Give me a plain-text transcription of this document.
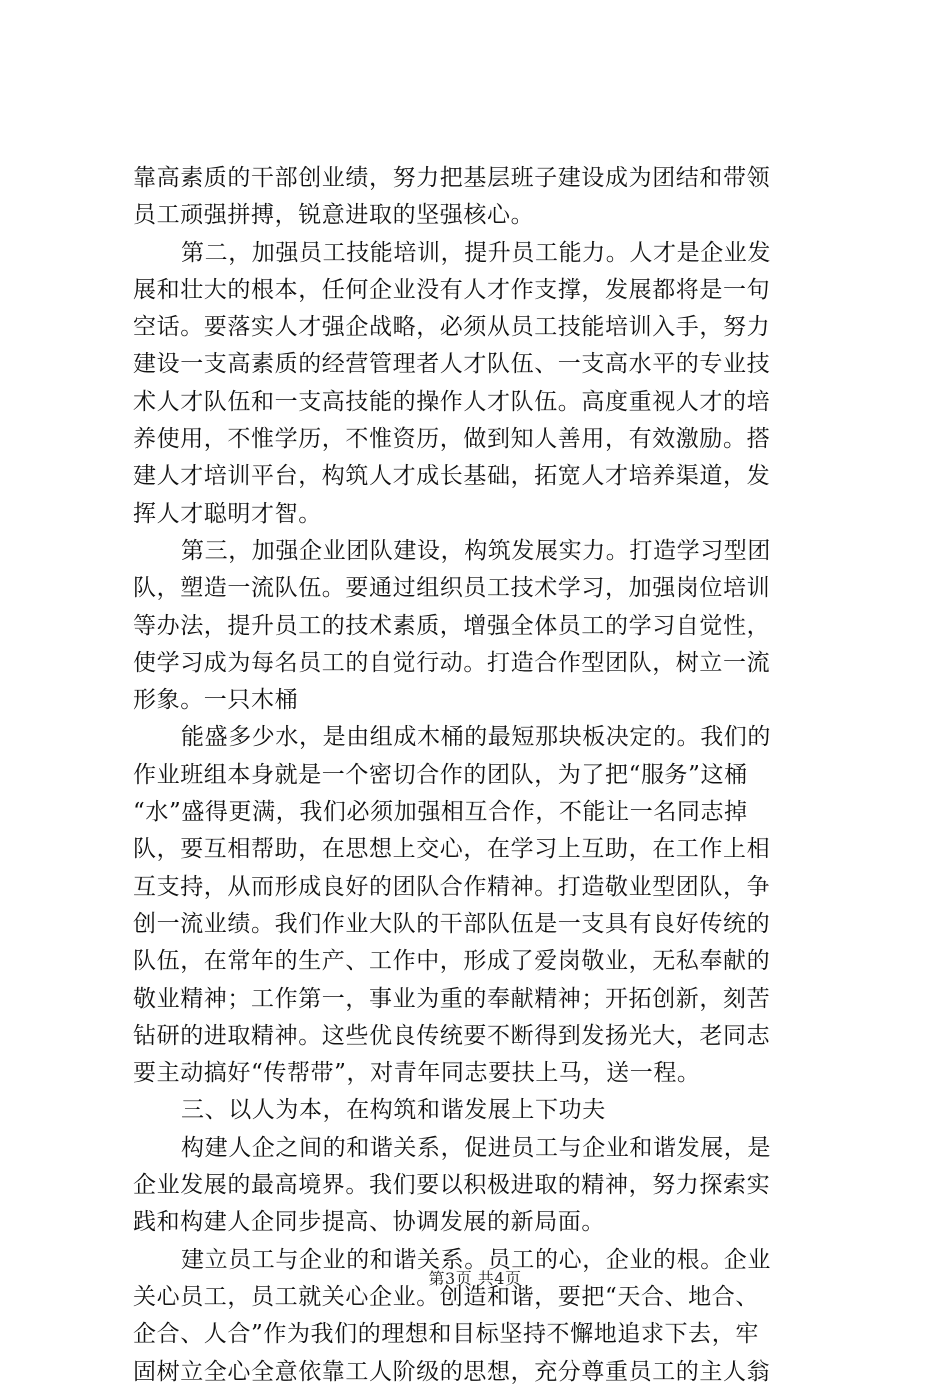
靠高素质的干部创业绩，努力把基层班子建设成为团结和带领
员工顽强拼搏，锐意进取的坚强核心。
第二，加强员工技能培训，提升员工能力。人才是企业发
展和壮大的根本，任何企业没有人才作支撑，发展都将是一句
空话。要落实人才强企战略，必须从员工技能培训入手，努力
建设一支高素质的经营管理者人才队伍、一支高水平的专业技
术人才队伍和一支高技能的操作人才队伍。高度重视人才的培
养使用，不惟学历，不惟资历，做到知人善用，有效激励。搭
建人才培训平台，构筑人才成长基础，拓宽人才培养渠道，发
挥人才聪明才智。
第三，加强企业团队建设，构筑发展实力。打造学习型团
队，塑造一流队伍。要通过组织员工技术学习，加强岗位培训
等办法，提升员工的技术素质，增强全体员工的学习自觉性，
使学习成为每名员工的自觉行动。打造合作型团队，树立一流
形象。一只木桶
能盛多少水，是由组成木桶的最短那块板决定的。我们的
作业班组本身就是一个密切合作的团队，为了把“服务”这桶
“水”盛得更满，我们必须加强相互合作，不能让一名同志掉
队，要互相帮助，在思想上交心，在学习上互助，在工作上相
互支持，从而形成良好的团队合作精神。打造敬业型团队，争
创一流业绩。我们作业大队的干部队伍是一支具有良好传统的
队伍，在常年的生产、工作中，形成了爱岗敬业，无私奉献的
敬业精神；工作第一，事业为重的奉献精神；开拓创新，刻苦
钻研的进取精神。这些优良传统要不断得到发扬光大，老同志
要主动搞好“传帮带”，对青年同志要扶上马，送一程。
三、以人为本，在构筑和谐发展上下功夫
构建人企之间的和谐关系，促进员工与企业和谐发展，是
企业发展的最高境界。我们要以积极进取的精神，努力探索实
践和构建人企同步提高、协调发展的新局面。
建立员工与企业的和谐关系。员工的心，企业的根。企业
关心员工，员工就关心企业。创造和谐，要把“天合、地合、
企合、人合”作为我们的理想和目标坚持不懈地追求下去，牢
固树立全心全意依靠工人阶级的思想，充分尊重员工的主人翁
第3页 共4页
